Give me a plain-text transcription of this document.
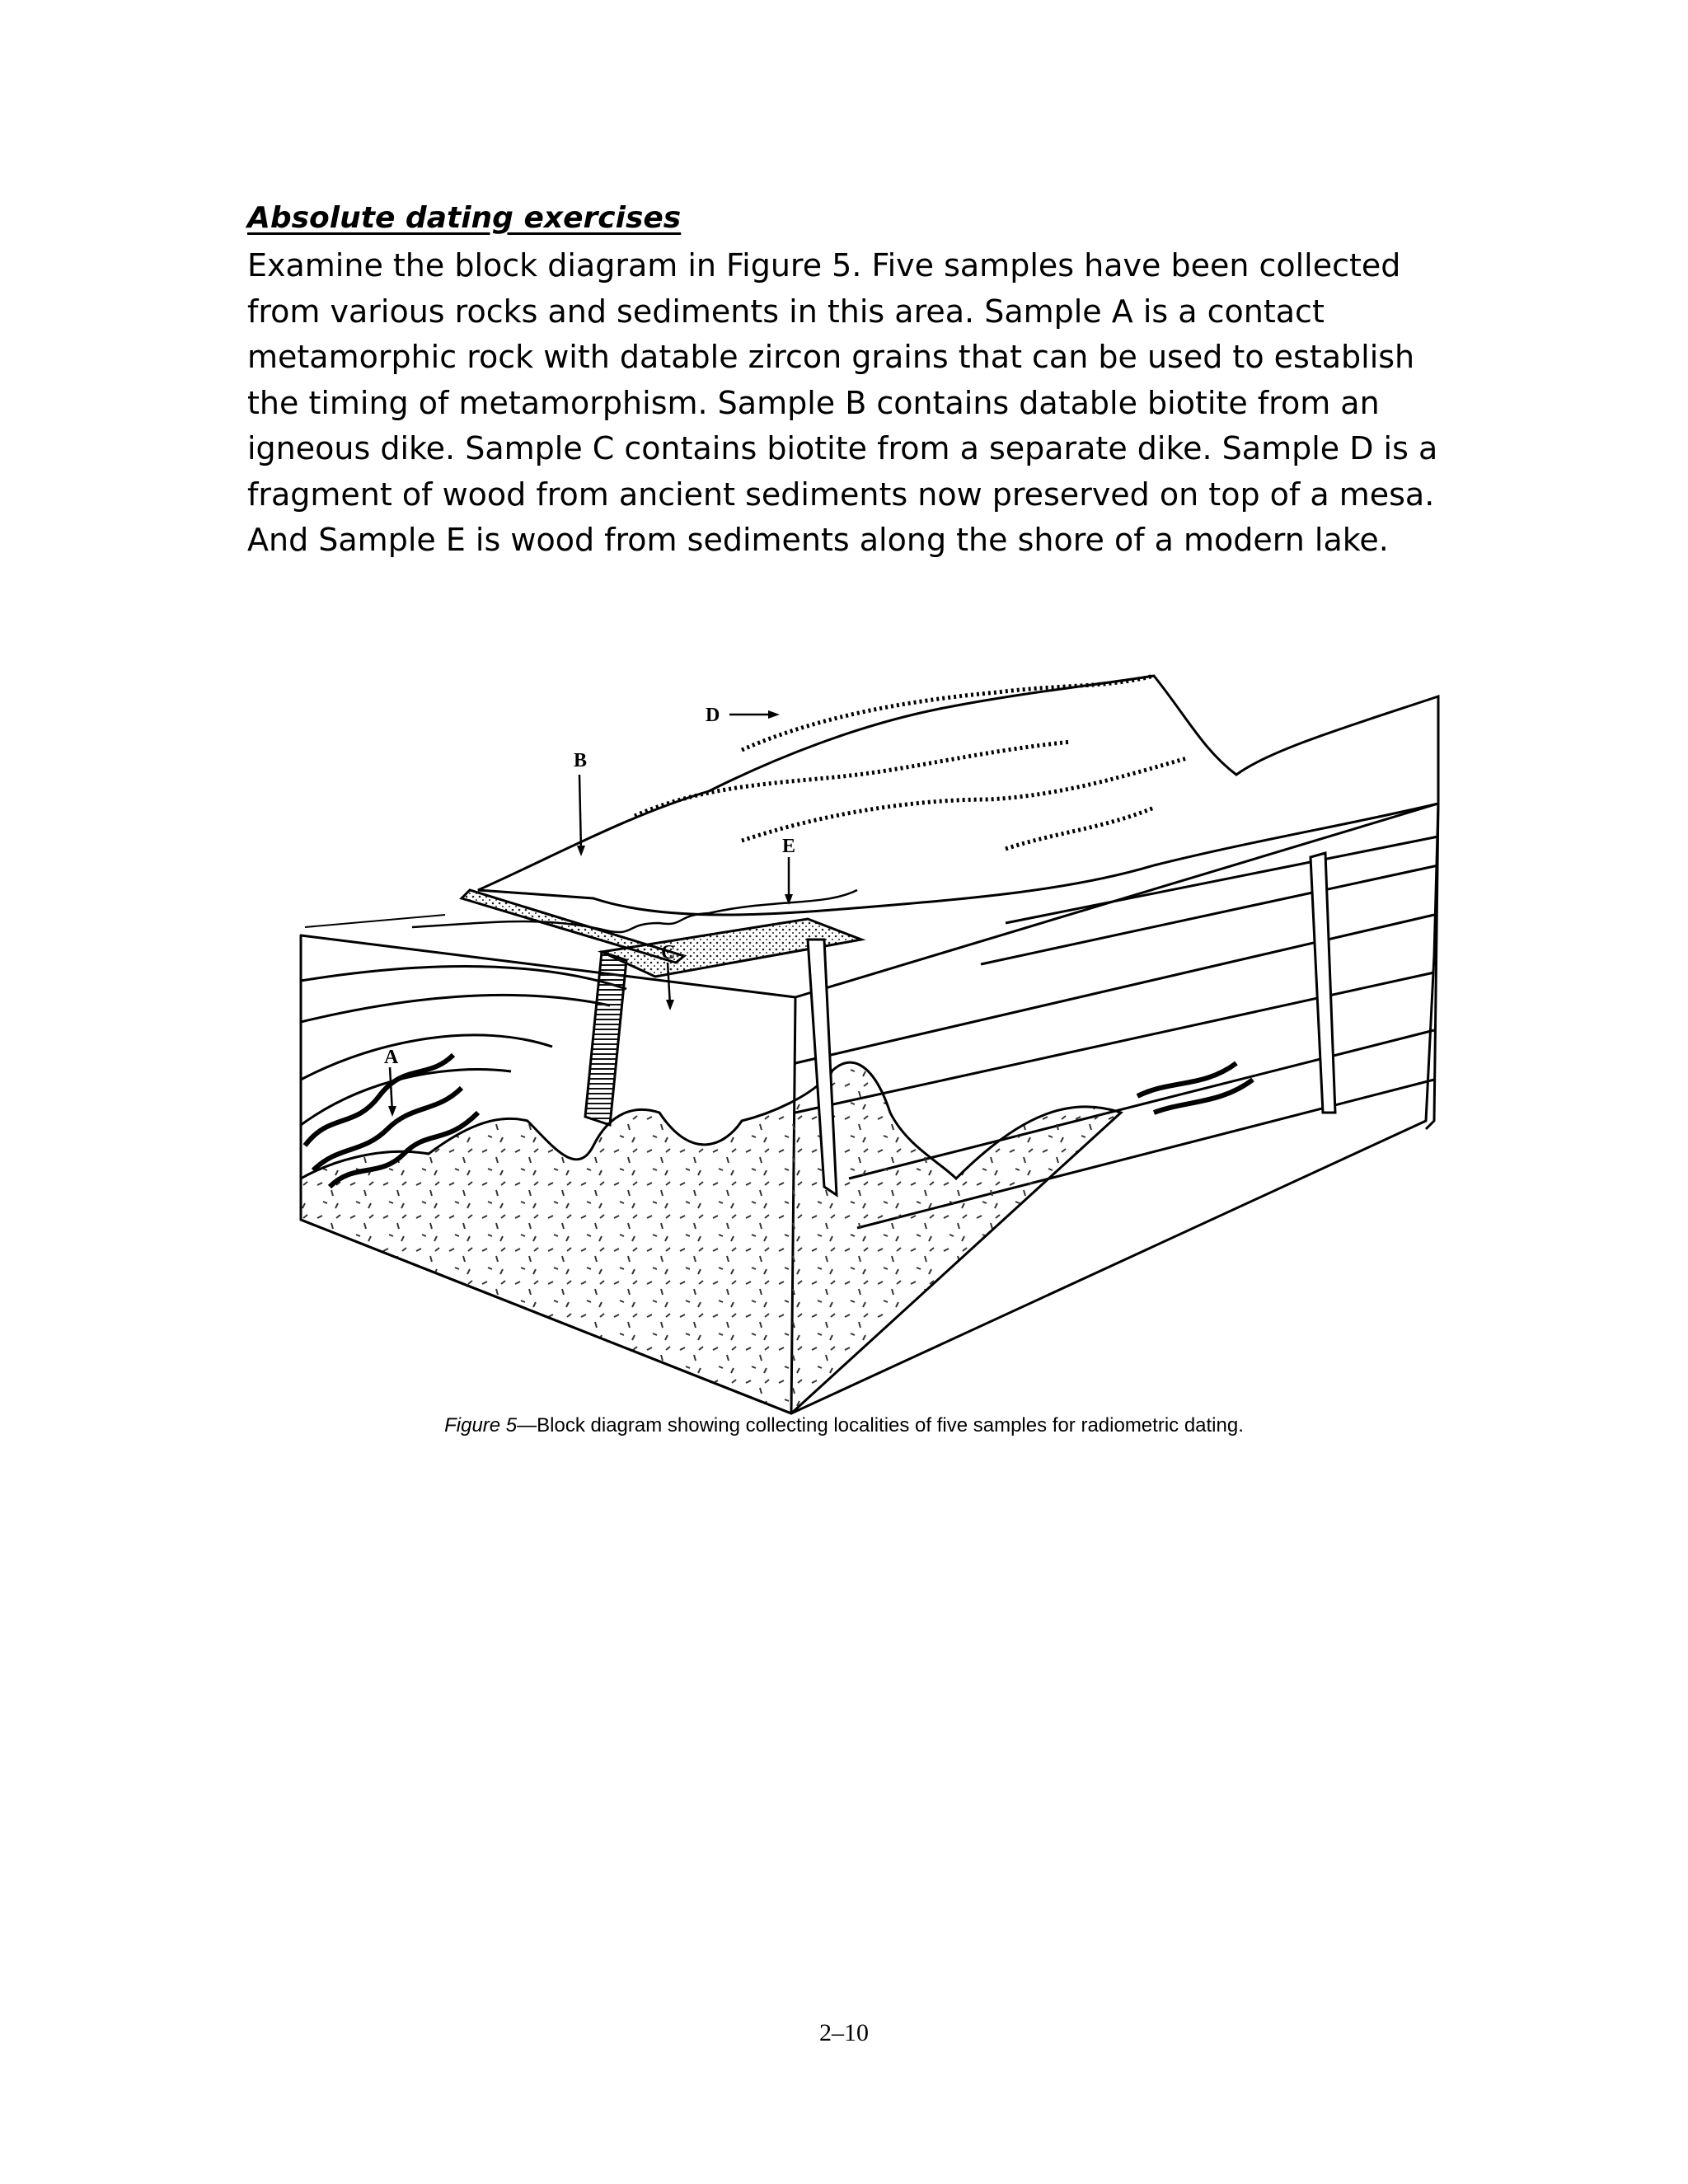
Absolute dating exercises
Examine the block diagram in Figure 5. Five samples have been collected
from various rocks and sediments in this area. Sample A is a contact
metamorphic rock with datable zircon grains that can be used to establish
the timing of metamorphism. Sample B contains datable biotite from an
igneous dike. Sample C contains biotite from a separate dike. Sample D is a
fragment of wood from ancient sediments now preserved on top of a mesa.
And Sample E is wood from sediments along the shore of a modern lake.
A
B
C
D
E
Figure 5—Block diagram showing collecting localities of five samples for radiometric dating.
2–10
